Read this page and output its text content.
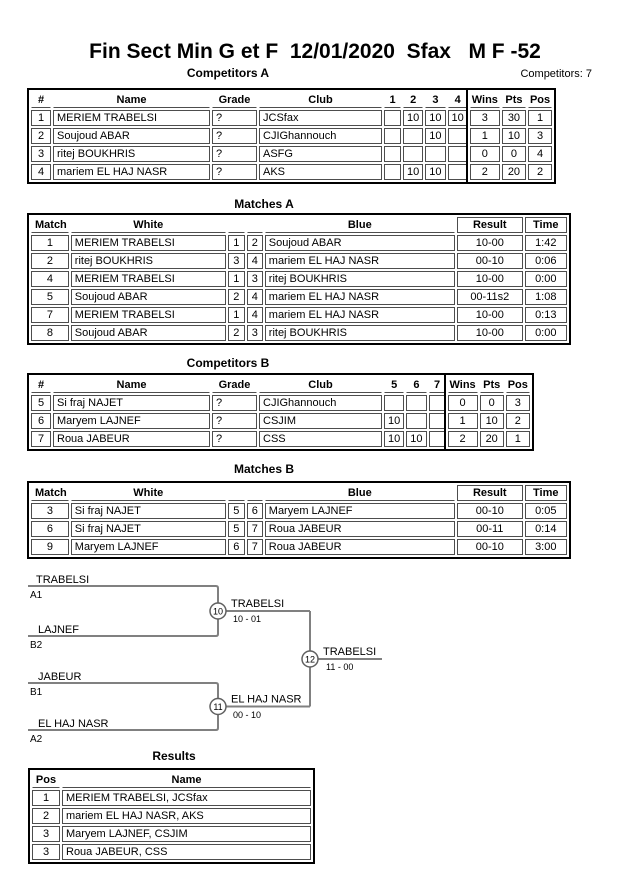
Fin Sect Min G et F  12/01/2020  Sfax   M F -52
Competitors: 7
Competitors A
#	Name	Grade	Club	1	2	3	4	Wins	Pts	Pos
1	MERIEM TRABELSI	?	JCSfax		10	10	10	3	30	1
2	Soujoud ABAR	?	CJIGhannouch			10		1	10	3
3	ritej BOUKHRIS	?	ASFG					0	0	4
4	mariem EL HAJ NASR	?	AKS		10	10		2	20	2
Matches A
Match	White			Blue	Result	Time
1	MERIEM TRABELSI	1	2	Soujoud ABAR	10-00	1:42
2	ritej BOUKHRIS	3	4	mariem EL HAJ NASR	00-10	0:06
4	MERIEM TRABELSI	1	3	ritej BOUKHRIS	10-00	0:00
5	Soujoud ABAR	2	4	mariem EL HAJ NASR	00-11s2	1:08
7	MERIEM TRABELSI	1	4	mariem EL HAJ NASR	10-00	0:13
8	Soujoud ABAR	2	3	ritej BOUKHRIS	10-00	0:00
Competitors B
#	Name	Grade	Club	5	6	7	Wins	Pts	Pos
5	Si fraj NAJET	?	CJIGhannouch				0	0	3
6	Maryem LAJNEF	?	CSJIM	10			1	10	2
7	Roua JABEUR	?	CSS	10	10		2	20	1
Matches B
Match	White			Blue	Result	Time
3	Si fraj NAJET	5	6	Maryem LAJNEF	00-10	0:05
6	Si fraj NAJET	5	7	Roua JABEUR	00-11	0:14
9	Maryem LAJNEF	6	7	Roua JABEUR	00-10	3:00
TRABELSI
A1
LAJNEF
B2
TRABELSI
10 - 01
10
JABEUR
B1
EL HAJ NASR
A2
EL HAJ NASR
00 - 10
11
TRABELSI
11 - 00
12
Results
Pos	Name
1	MERIEM TRABELSI, JCSfax
2	mariem EL HAJ NASR, AKS
3	Maryem LAJNEF, CSJIM
3	Roua JABEUR, CSS
